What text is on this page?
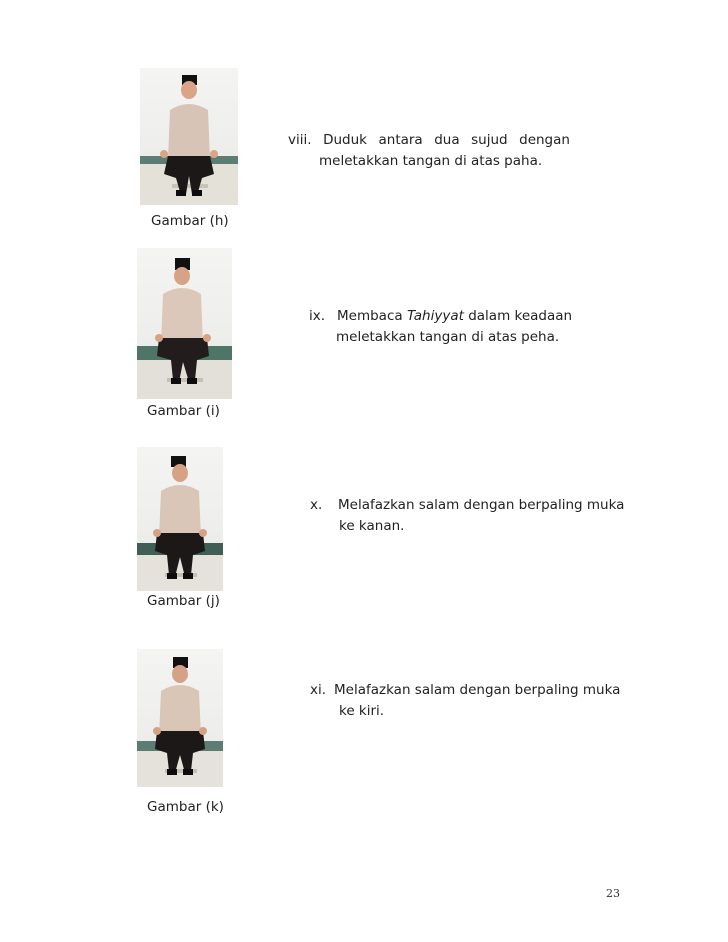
Gambar (h)
viii. Duduk antara dua sujud dengan
meletakkan tangan di atas paha.
Gambar (i)
ix. Membaca Tahiyyat dalam keadaan
meletakkan tangan di atas peha.
Gambar (j)
x. Melafazkan salam dengan berpaling muka
ke kanan.
Gambar (k)
xi. Melafazkan salam dengan berpaling muka
ke kiri.
23
